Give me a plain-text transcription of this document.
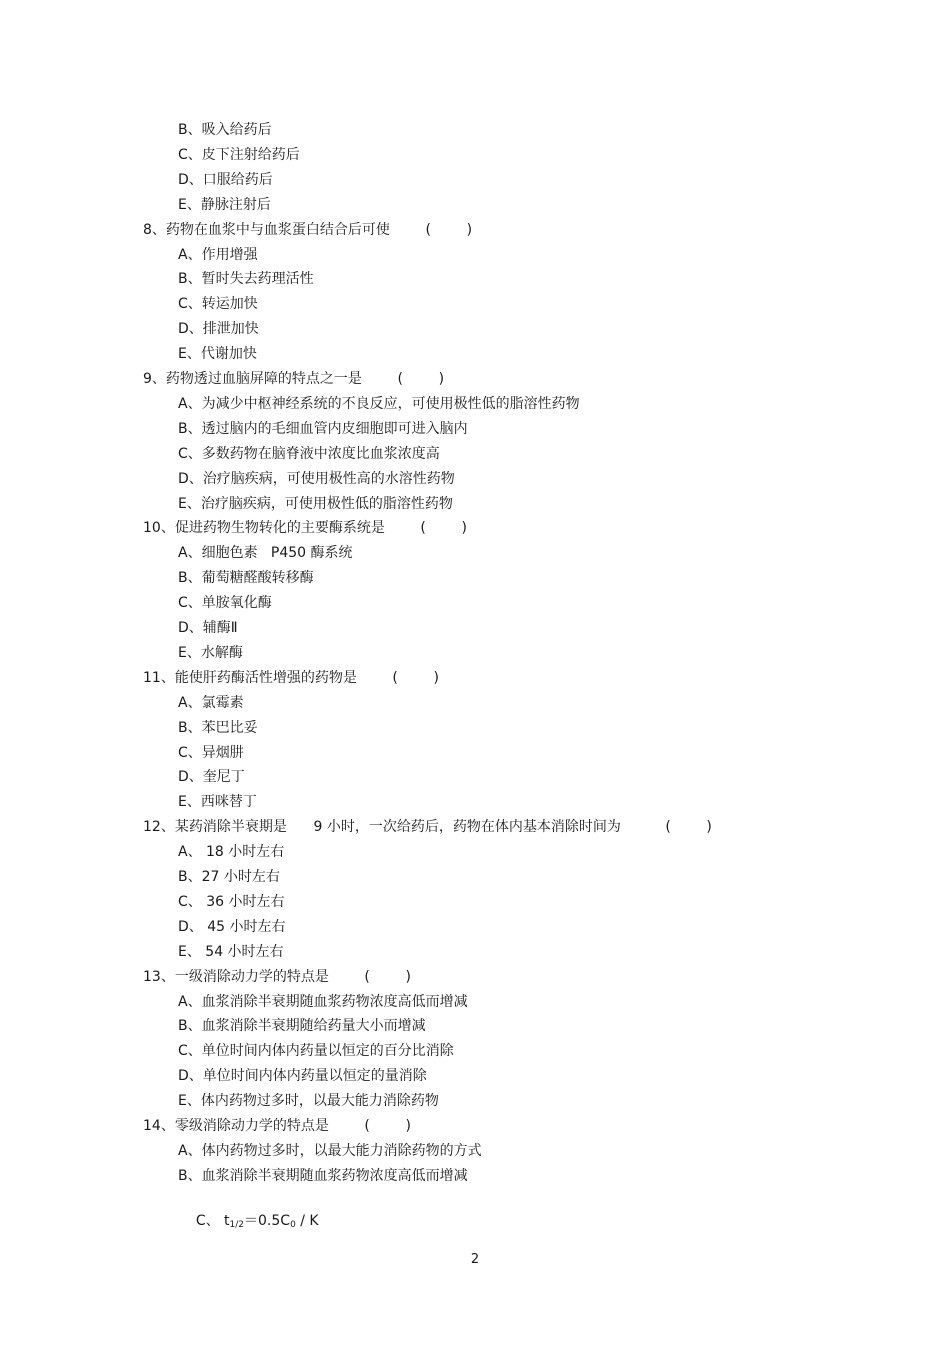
B、吸入给药后
C、皮下注射给药后
D、口服给药后
E、静脉注射后
8、药物在血浆中与血浆蛋白结合后可使        (        )
A、作用增强
B、暂时失去药理活性
C、转运加快
D、排泄加快
E、代谢加快
9、药物透过血脑屏障的特点之一是        (        )
A、为减少中枢神经系统的不良反应，可使用极性低的脂溶性药物
B、透过脑内的毛细血管内皮细胞即可进入脑内
C、多数药物在脑脊液中浓度比血浆浓度高
D、治疗脑疾病，可使用极性高的水溶性药物
E、治疗脑疾病，可使用极性低的脂溶性药物
10、促进药物生物转化的主要酶系统是        (        )
A、细胞色素   P450 酶系统
B、葡萄糖醛酸转移酶
C、单胺氧化酶
D、辅酶Ⅱ
E、水解酶
11、能使肝药酶活性增强的药物是        (        )
A、氯霉素
B、苯巴比妥
C、异烟肼
D、奎尼丁
E、西咪替丁
12、某药消除半衰期是      9 小时，一次给药后，药物在体内基本消除时间为          (        )
A、 18 小时左右
B、27 小时左右
C、 36 小时左右
D、 45 小时左右
E、 54 小时左右
13、一级消除动力学的特点是        (        )
A、血浆消除半衰期随血浆药物浓度高低而增减
B、血浆消除半衰期随给药量大小而增减
C、单位时间内体内药量以恒定的百分比消除
D、单位时间内体内药量以恒定的量消除
E、体内药物过多时，以最大能力消除药物
14、零级消除动力学的特点是        (        )
A、体内药物过多时，以最大能力消除药物的方式
B、血浆消除半衰期随血浆药物浓度高低而增减

C、 $t_{1/2}=0.5C_0 / K$

2
